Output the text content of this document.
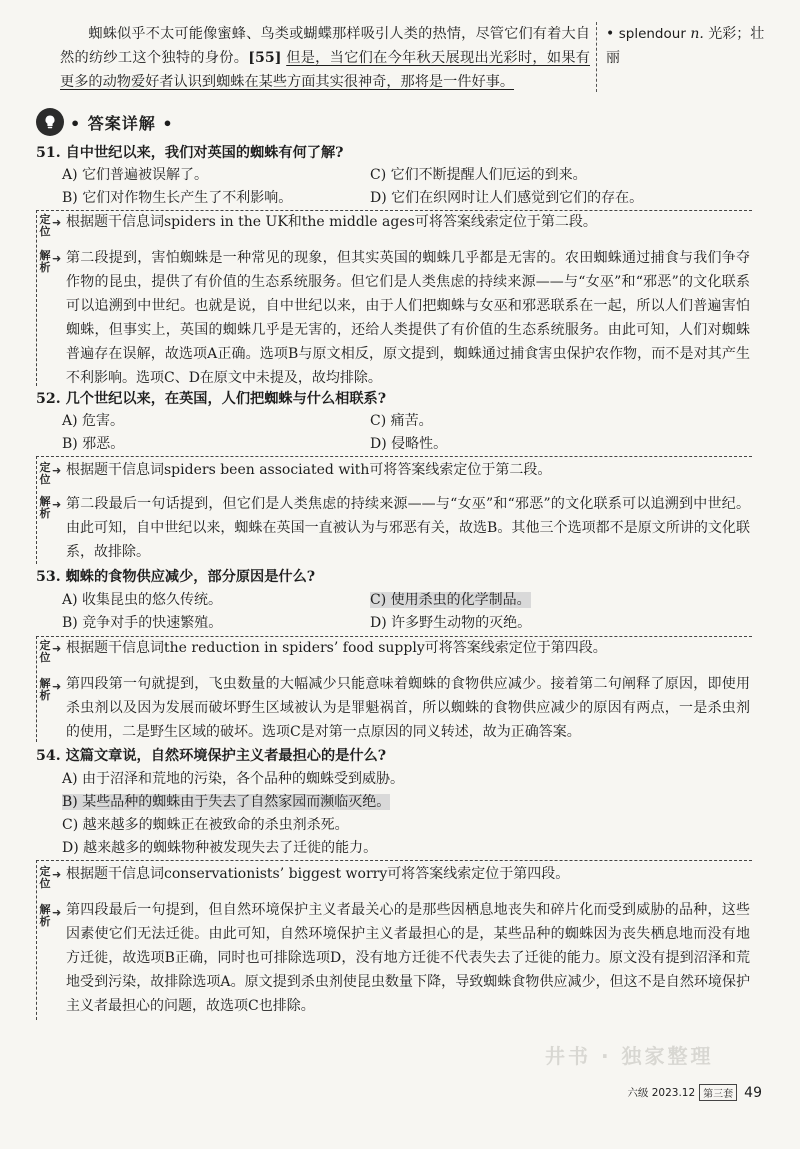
蜘蛛似乎不太可能像蜜蜂、鸟类或蝴蝶那样吸引人类的热情，尽管它们有着大自然的纺纱工这个独特的身份。[55] 但是，当它们在今年秋天展现出光彩时，如果有更多的动物爱好者认识到蜘蛛在某些方面其实很神奇，那将是一件好事。
• splendour n. 光彩；壮丽
• 答案详解 •
51. 自中世纪以来，我们对英国的蜘蛛有何了解?
A) 它们普遍被误解了。	C) 它们不断提醒人们厄运的到来。
B) 它们对作物生长产生了不利影响。	D) 它们在织网时让人们感觉到它们的存在。
定位
➜ 根据题干信息词spiders in the UK和the middle ages可将答案线索定位于第二段。
解析
➜ 第二段提到，害怕蜘蛛是一种常见的现象，但其实英国的蜘蛛几乎都是无害的。农田蜘蛛通过捕食与我们争夺作物的昆虫，提供了有价值的生态系统服务。但它们是人类焦虑的持续来源——与“女巫”和“邪恶”的文化联系可以追溯到中世纪。也就是说，自中世纪以来，由于人们把蜘蛛与女巫和邪恶联系在一起，所以人们普遍害怕蜘蛛，但事实上，英国的蜘蛛几乎是无害的，还给人类提供了有价值的生态系统服务。由此可知，人们对蜘蛛普遍存在误解，故选项A正确。选项B与原文相反，原文提到，蜘蛛通过捕食害虫保护农作物，而不是对其产生不利影响。选项C、D在原文中未提及，故均排除。
52. 几个世纪以来，在英国，人们把蜘蛛与什么相联系?
A) 危害。	C) 痛苦。
B) 邪恶。	D) 侵略性。
定位
➜ 根据题干信息词spiders been associated with可将答案线索定位于第二段。
解析
➜ 第二段最后一句话提到，但它们是人类焦虑的持续来源——与“女巫”和“邪恶”的文化联系可以追溯到中世纪。由此可知，自中世纪以来，蜘蛛在英国一直被认为与邪恶有关，故选B。其他三个选项都不是原文所讲的文化联系，故排除。
53. 蜘蛛的食物供应减少，部分原因是什么?
A) 收集昆虫的悠久传统。	C) 使用杀虫的化学制品。
B) 竞争对手的快速繁殖。	D) 许多野生动物的灭绝。
定位
➜ 根据题干信息词the reduction in spiders’ food supply可将答案线索定位于第四段。
解析
➜ 第四段第一句就提到，飞虫数量的大幅减少只能意味着蜘蛛的食物供应减少。接着第二句阐释了原因，即使用杀虫剂以及因为发展而破坏野生区域被认为是罪魁祸首，所以蜘蛛的食物供应减少的原因有两点，一是杀虫剂的使用，二是野生区域的破坏。选项C是对第一点原因的同义转述，故为正确答案。
54. 这篇文章说，自然环境保护主义者最担心的是什么?
A) 由于沼泽和荒地的污染，各个品种的蜘蛛受到威胁。
B) 某些品种的蜘蛛由于失去了自然家园而濒临灭绝。
C) 越来越多的蜘蛛正在被致命的杀虫剂杀死。
D) 越来越多的蜘蛛物种被发现失去了迁徙的能力。
定位
➜ 根据题干信息词conservationists’ biggest worry可将答案线索定位于第四段。
解析
➜ 第四段最后一句提到，但自然环境保护主义者最关心的是那些因栖息地丧失和碎片化而受到威胁的品种，这些因素使它们无法迁徙。由此可知，自然环境保护主义者最担心的是，某些品种的蜘蛛因为丧失栖息地而没有地方迁徙，故选项B正确，同时也可排除选项D，没有地方迁徙不代表失去了迁徙的能力。原文没有提到沼泽和荒地受到污染，故排除选项A。原文提到杀虫剂使昆虫数量下降，导致蜘蛛食物供应减少，但这不是自然环境保护主义者最担心的问题，故选项C也排除。
井书 · 独家整理
六级 2023.12 第三套 49
